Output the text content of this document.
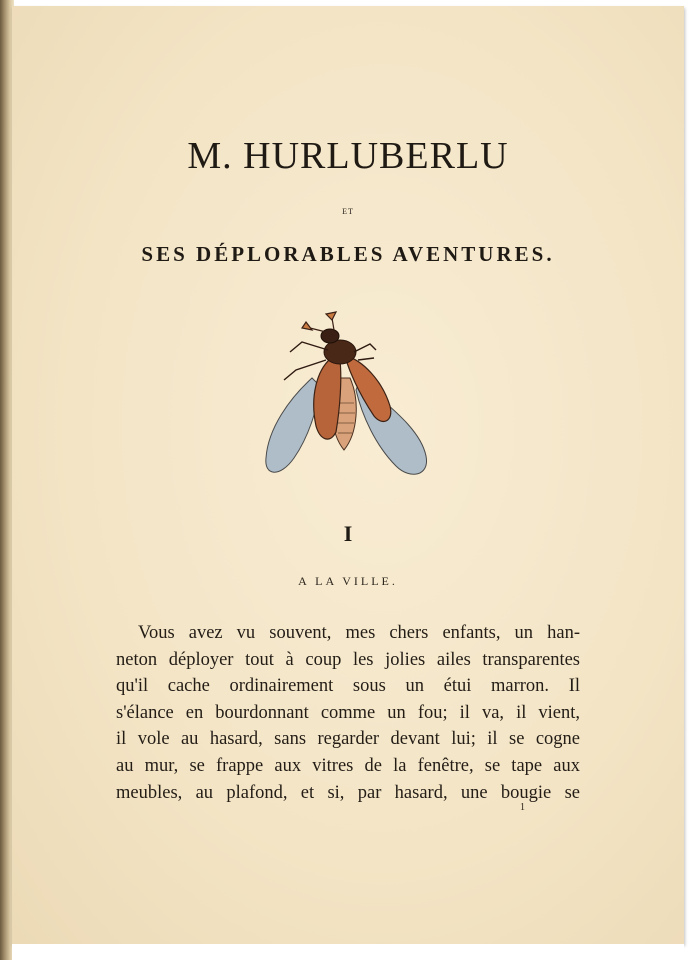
M. HURLUBERLU
ET
SES DÉPLORABLES AVENTURES.
I
A LA VILLE.
Vous avez vu souvent, mes chers enfants, un han-
neton déployer tout à coup les jolies ailes transparentes
qu'il cache ordinairement sous un étui marron. Il
s'élance en bourdonnant comme un fou; il va, il vient,
il vole au hasard, sans regarder devant lui; il se cogne
au mur, se frappe aux vitres de la fenêtre, se tape aux
meubles, au plafond, et si, par hasard, une bougie se
1
